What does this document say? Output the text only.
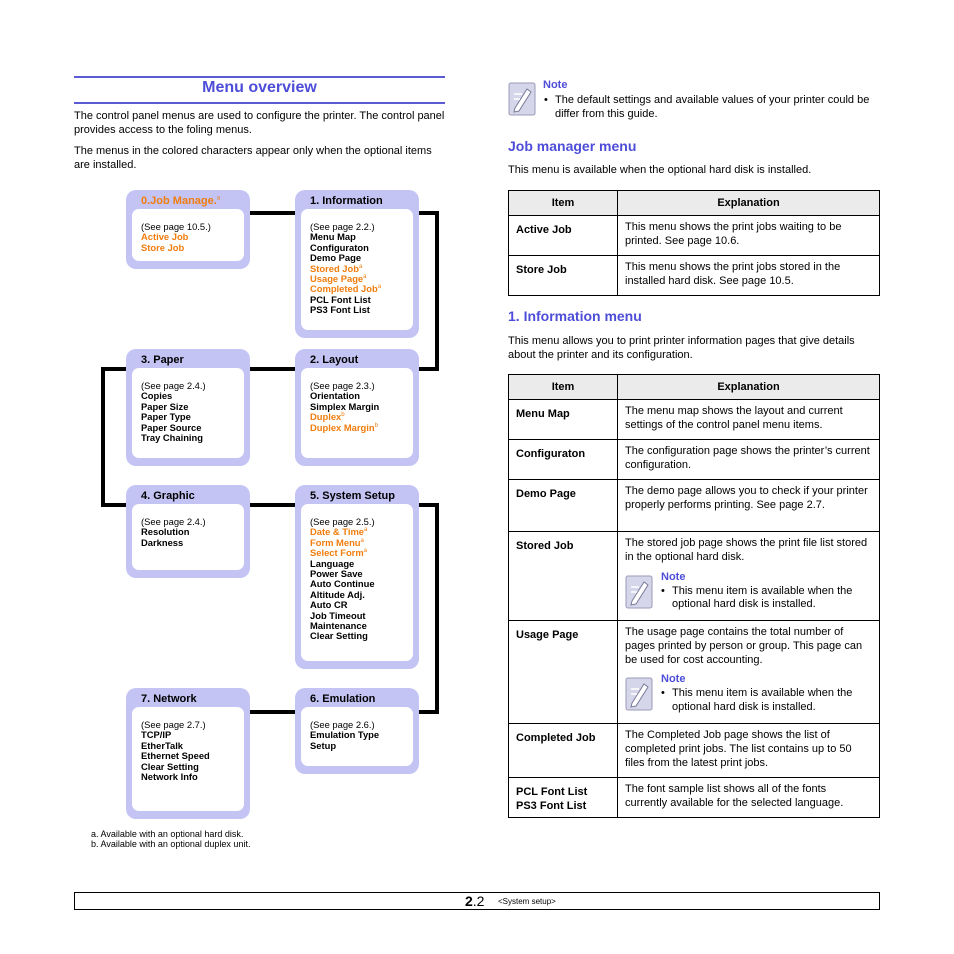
Menu overview

The control panel menus are used to configure the printer. The control panel provides access to the foling menus.

The menus in the colored characters appear only when the optional items are installed.

0.Job Manage.$^a$
(See page 10.5.)
Active Job
Store Job
1. Information
(See page 2.2.)
Menu Map
Configuraton
Demo Page
Stored Job$^a$
Usage Page$^a$
Completed Job$^a$
PCL Font List
PS3 Font List
3. Paper
(See page 2.4.)
Copies
Paper Size
Paper Type
Paper Source
Tray Chaining
2. Layout
(See page 2.3.)
Orientation
Simplex Margin
Duplex$^b$
Duplex Margin$^b$
4. Graphic
(See page 2.4.)
Resolution
Darkness
5. System Setup
(See page 2.5.)
Date & Time$^a$
Form Menu$^a$
Select Form$^a$
Language
Power Save
Auto Continue
Altitude Adj.
Auto CR
Job Timeout
Maintenance
Clear Setting
7. Network
(See page 2.7.)
TCP/IP
EtherTalk
Ethernet Speed
Clear Setting
Network Info
6. Emulation
(See page 2.6.)
Emulation Type
Setup
a. Available with an optional hard disk.
b. Available with an optional duplex unit.
Note
• The default settings and available values of your printer could be differ from this guide.
Job manager menu
This menu is available when the optional hard disk is installed.
Item	Explanation
Active Job	This menu shows the print jobs waiting to be printed. See page 10.6.
Store Job	This menu shows the print jobs stored in the installed hard disk. See page 10.5.
1. Information menu
This menu allows you to print printer information pages that give details about the printer and its configuration.
Item	Explanation
Menu Map	The menu map shows the layout and current settings of the control panel menu items.
Configuraton	The configuration page shows the printer’s current configuration.
Demo Page	The demo page allows you to check if your printer properly performs printing. See page 2.7.
Stored Job	The stored job page shows the print file list stored in the optional hard disk.
Note
• This menu item is available when the optional hard disk is installed.

Usage Page	The usage page contains the total number of pages printed by person or group. This page can be used for cost accounting.
Note
• This menu item is available when the optional hard disk is installed.

Completed Job	The Completed Job page shows the list of completed print jobs. The list contains up to 50 files from the latest print jobs.

PCL Font List
PS3 Font List	The font sample list shows all of the fonts currently available for the selected language.
2.2 <System setup>
